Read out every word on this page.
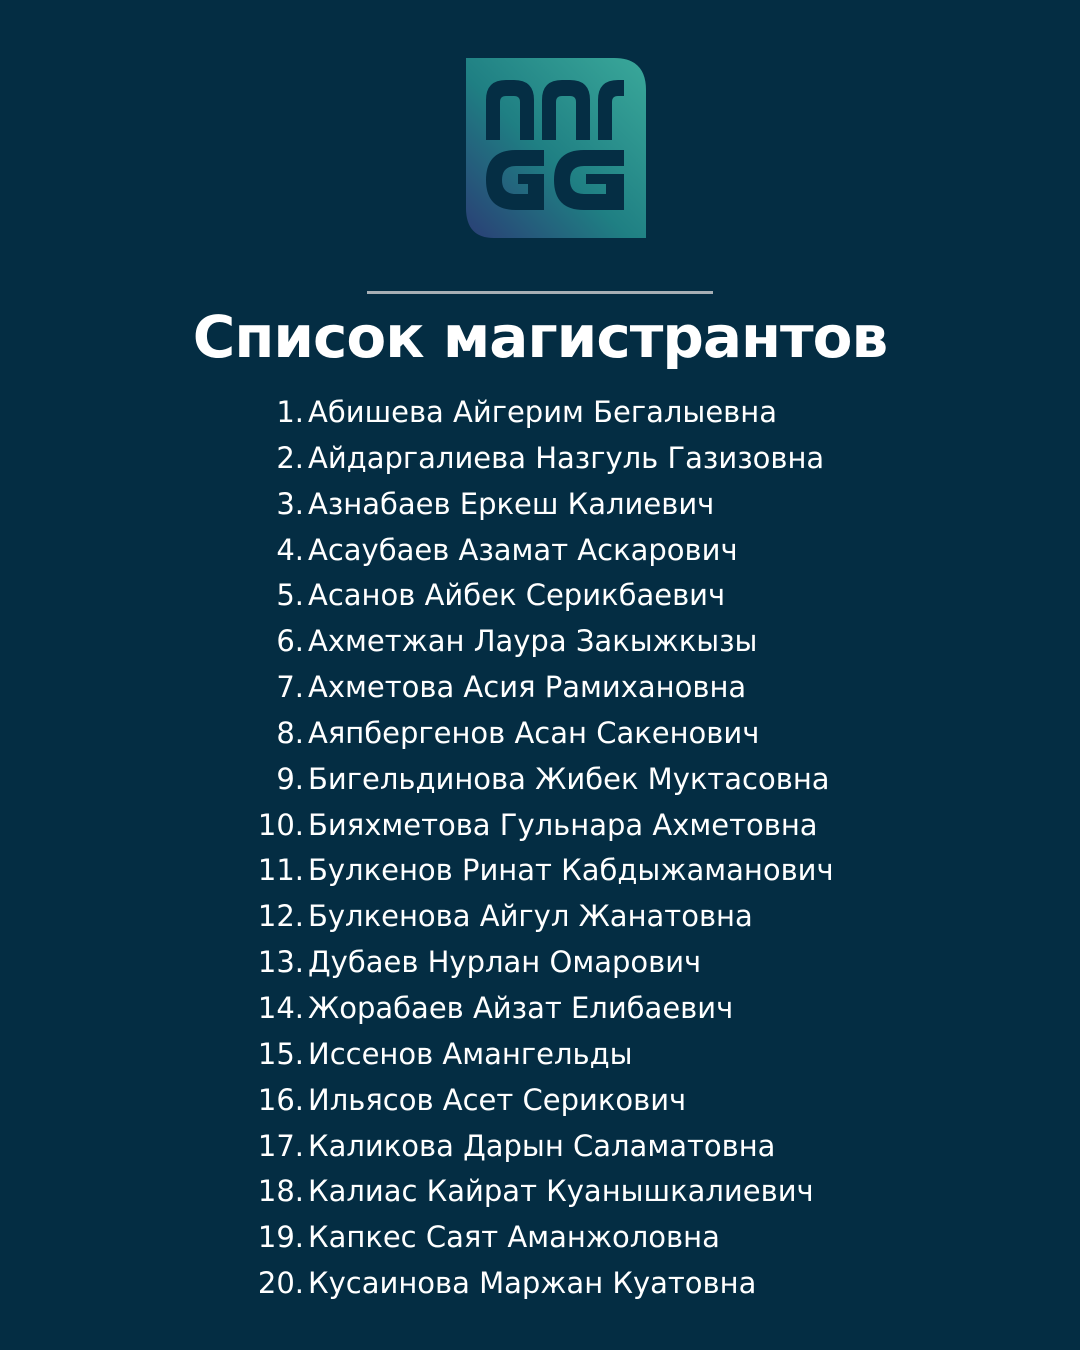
Список магистрантов
1. Абишева Айгерим Бегалыевна
2. Айдаргалиева Назгуль Газизовна
3. Азнабаев Еркеш Калиевич
4. Асаубаев Азамат Аскарович
5. Асанов Айбек Серикбаевич
6. Ахметжан Лаура Закыжкызы
7. Ахметова Асия Рамихановна
8. Аяпбергенов Асан Сакенович
9. Бигельдинова Жибек Муктасовна
10. Бияхметова Гульнара Ахметовна
11. Булкенов Ринат Кабдыжаманович
12. Булкенова Айгул Жанатовна
13. Дубаев Нурлан Омарович
14. Жорабаев Айзат Елибаевич
15. Иссенов Амангельды
16. Ильясов Асет Серикович
17. Каликова Дарын Саламатовна
18. Калиас Кайрат Куанышкалиевич
19. Капкес Саят Аманжоловна
20. Кусаинова Маржан Куатовна
